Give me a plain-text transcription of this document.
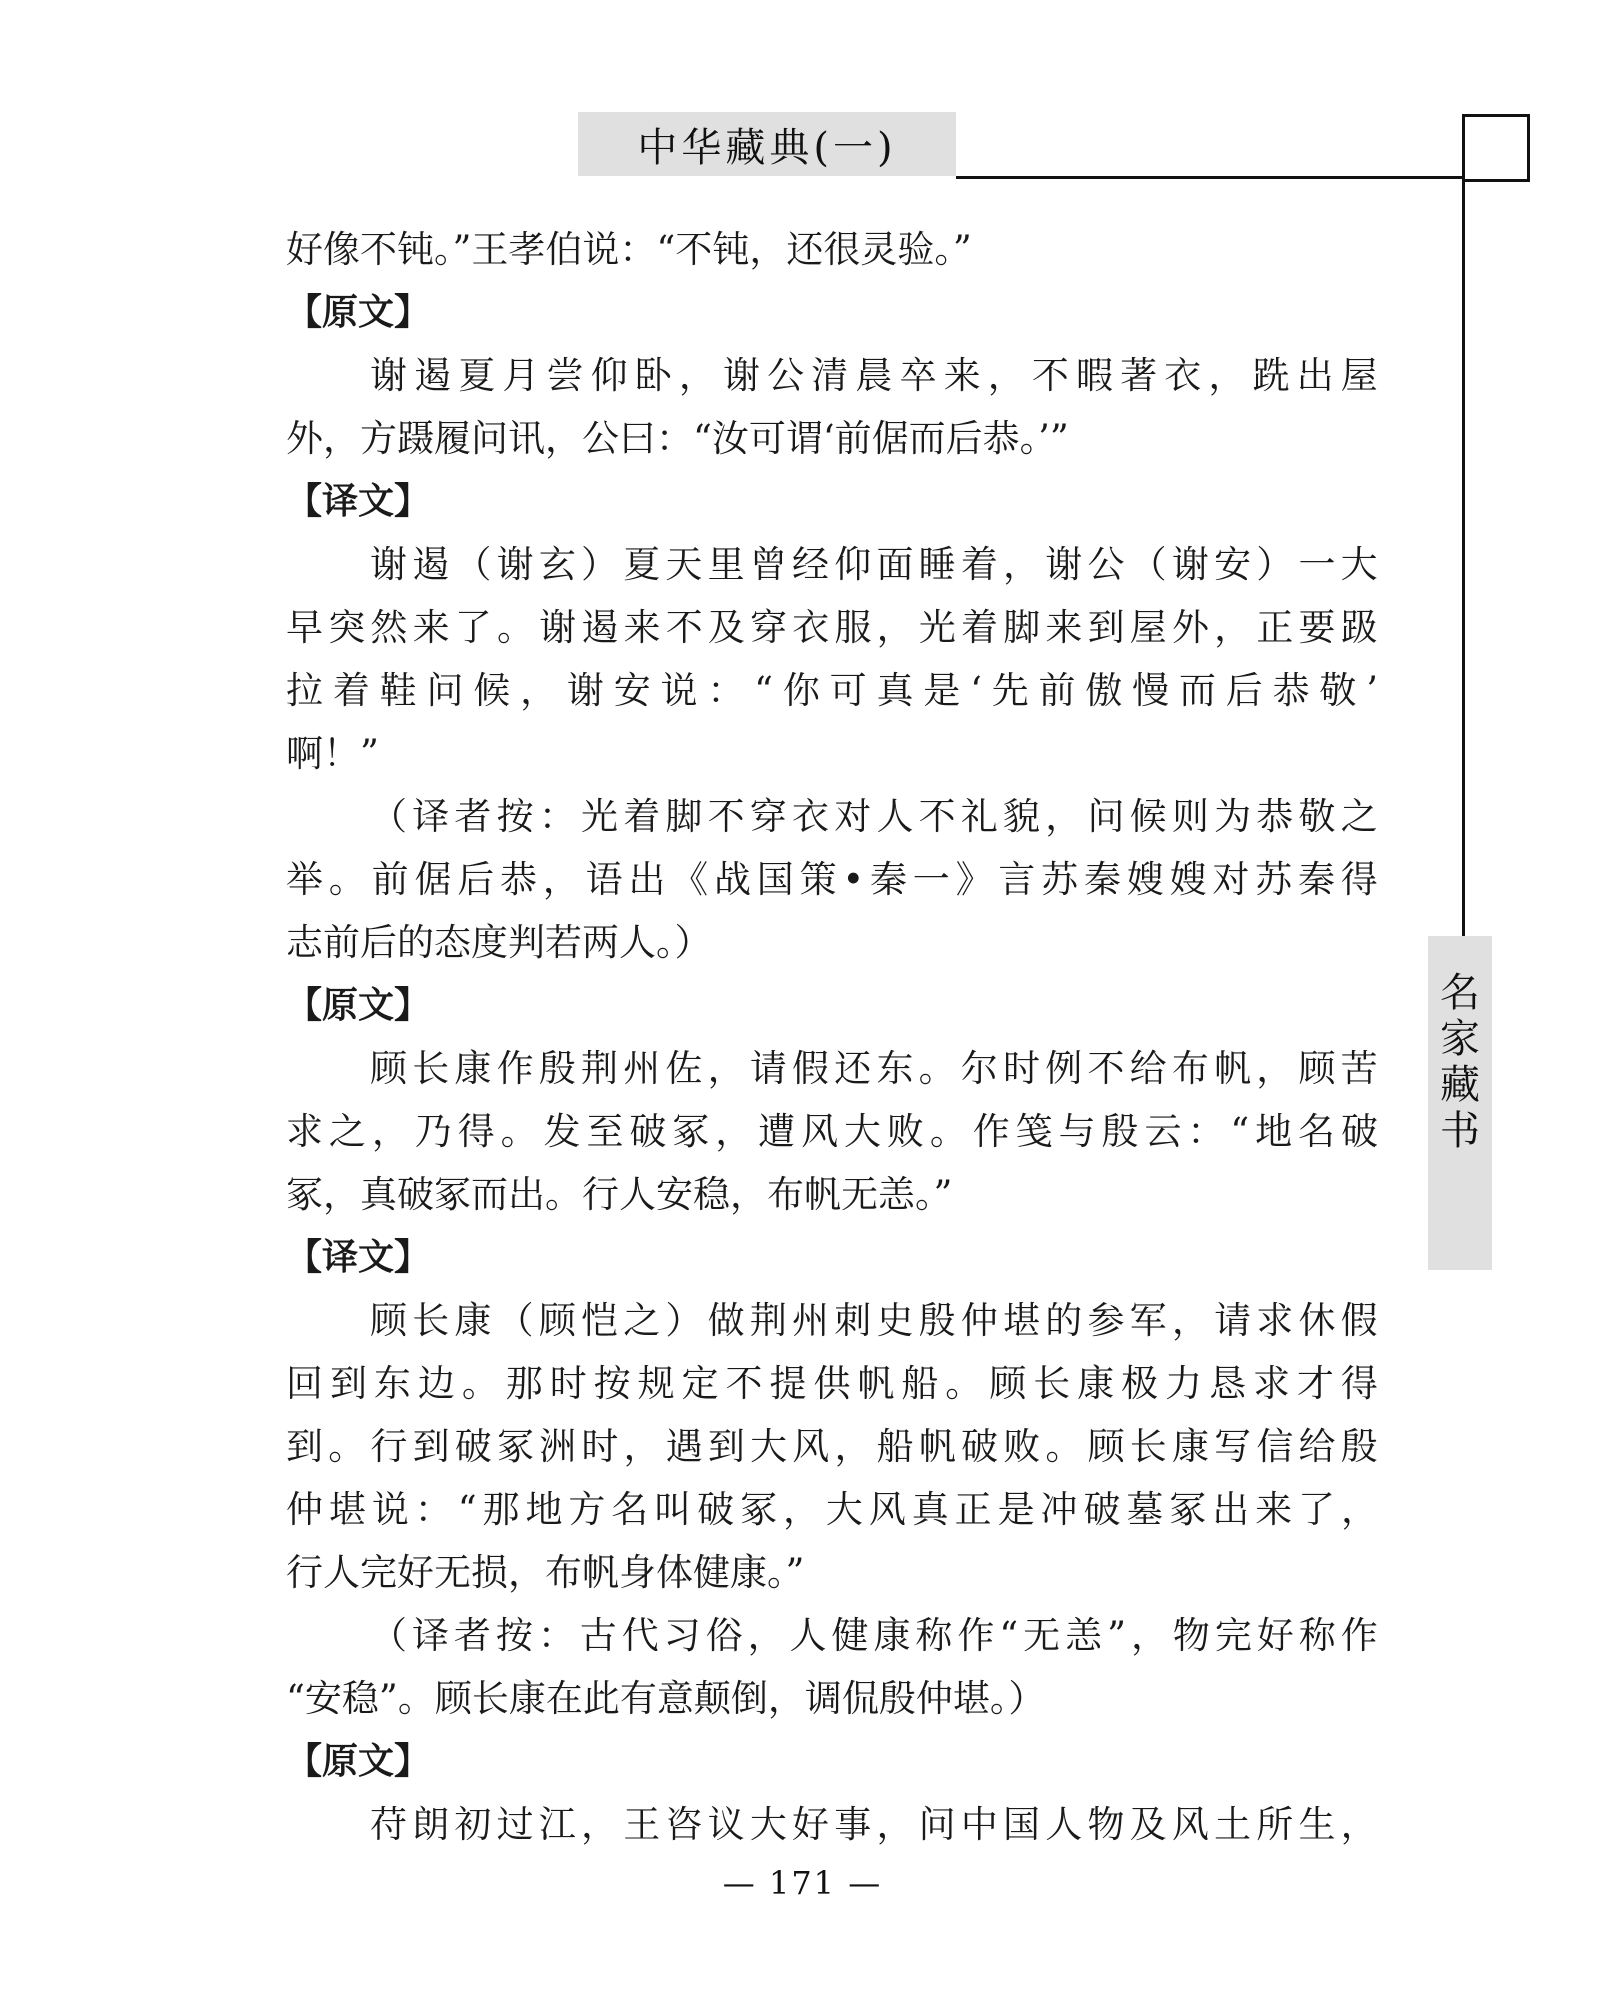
中华藏典(一)
名
家
藏
书
好像不钝。”王孝伯说：“不钝，还很灵验。”
【原文】
谢 遏 夏 月 尝 仰 卧 ， 谢 公 清 晨 卒 来 ， 不 暇 著 衣 ， 跣 出 屋
外，方蹑履问讯，公曰：“汝可谓‘前倨而后恭。’”
【译文】
谢 遏 （ 谢 玄 ） 夏 天 里 曾 经 仰 面 睡 着 ， 谢 公 （ 谢 安 ） 一 大
早 突 然 来 了 。 谢 遏 来 不 及 穿 衣 服 ， 光 着 脚 来 到 屋 外 ， 正 要 趿
拉 着 鞋 问 候 ， 谢 安 说 ： “ 你 可 真 是 ‘ 先 前 傲 慢 而 后 恭 敬 ’
啊！”
（ 译 者 按 ： 光 着 脚 不 穿 衣 对 人 不 礼 貌 ， 问 候 则 为 恭 敬 之
举 。 前 倨 后 恭 ， 语 出 《 战 国 策 • 秦 一 》 言 苏 秦 嫂 嫂 对 苏 秦 得
志前后的态度判若两人。）
【原文】
顾 长 康 作 殷 荆 州 佐 ， 请 假 还 东 。 尔 时 例 不 给 布 帆 ， 顾 苦
求 之 ， 乃 得 。 发 至 破 冢 ， 遭 风 大 败 。 作 笺 与 殷 云 ： “ 地 名 破
冢，真破冢而出。行人安稳，布帆无恙。”
【译文】
顾 长 康 （ 顾 恺 之 ） 做 荆 州 刺 史 殷 仲 堪 的 参 军 ， 请 求 休 假
回 到 东 边 。 那 时 按 规 定 不 提 供 帆 船 。 顾 长 康 极 力 恳 求 才 得
到 。 行 到 破 冢 洲 时 ， 遇 到 大 风 ， 船 帆 破 败 。 顾 长 康 写 信 给 殷
仲 堪 说 ： “ 那 地 方 名 叫 破 冢 ， 大 风 真 正 是 冲 破 墓 冢 出 来 了 ，
行人完好无损，布帆身体健康。”
（ 译 者 按 ： 古 代 习 俗 ， 人 健 康 称 作 “ 无 恙 ” ， 物 完 好 称 作
“安稳”。顾长康在此有意颠倒，调侃殷仲堪。）
【原文】
苻 朗 初 过 江 ， 王 咨 议 大 好 事 ， 问 中 国 人 物 及 风 土 所 生 ，
— 171 —
